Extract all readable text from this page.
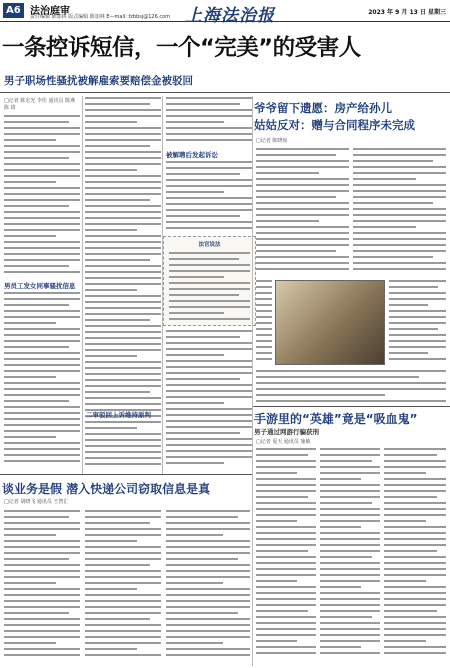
A6 法治庭审
责任编辑 陈加林 版式编辑 陈加林 E—mail: fzbbsj@126.com 上海法治报	2023 年 9 月 13 日 星期三
一条控诉短信，一个“完美”的受害人
男子职场性骚扰被解雇索要赔偿金被驳回
□记者 陈宏光 李佳 通讯员 陈燕 陈 琦
男员工发女同事骚扰信息
被解聘后发起诉讼
法官说法
二审驳回上诉维持原判
爷爷留下遗愿：房产给孙儿
姑姑反对：赠与合同程序未完成
□记者 陈晓琼
手游里的“英雄”竟是“吸血鬼”
男子通过网游行骗获刑
□记者 夏天 通讯员 施敏
谈业务是假 潜入快递公司窃取信息是真
□记者 胡晓飞 通讯员 王智汇
